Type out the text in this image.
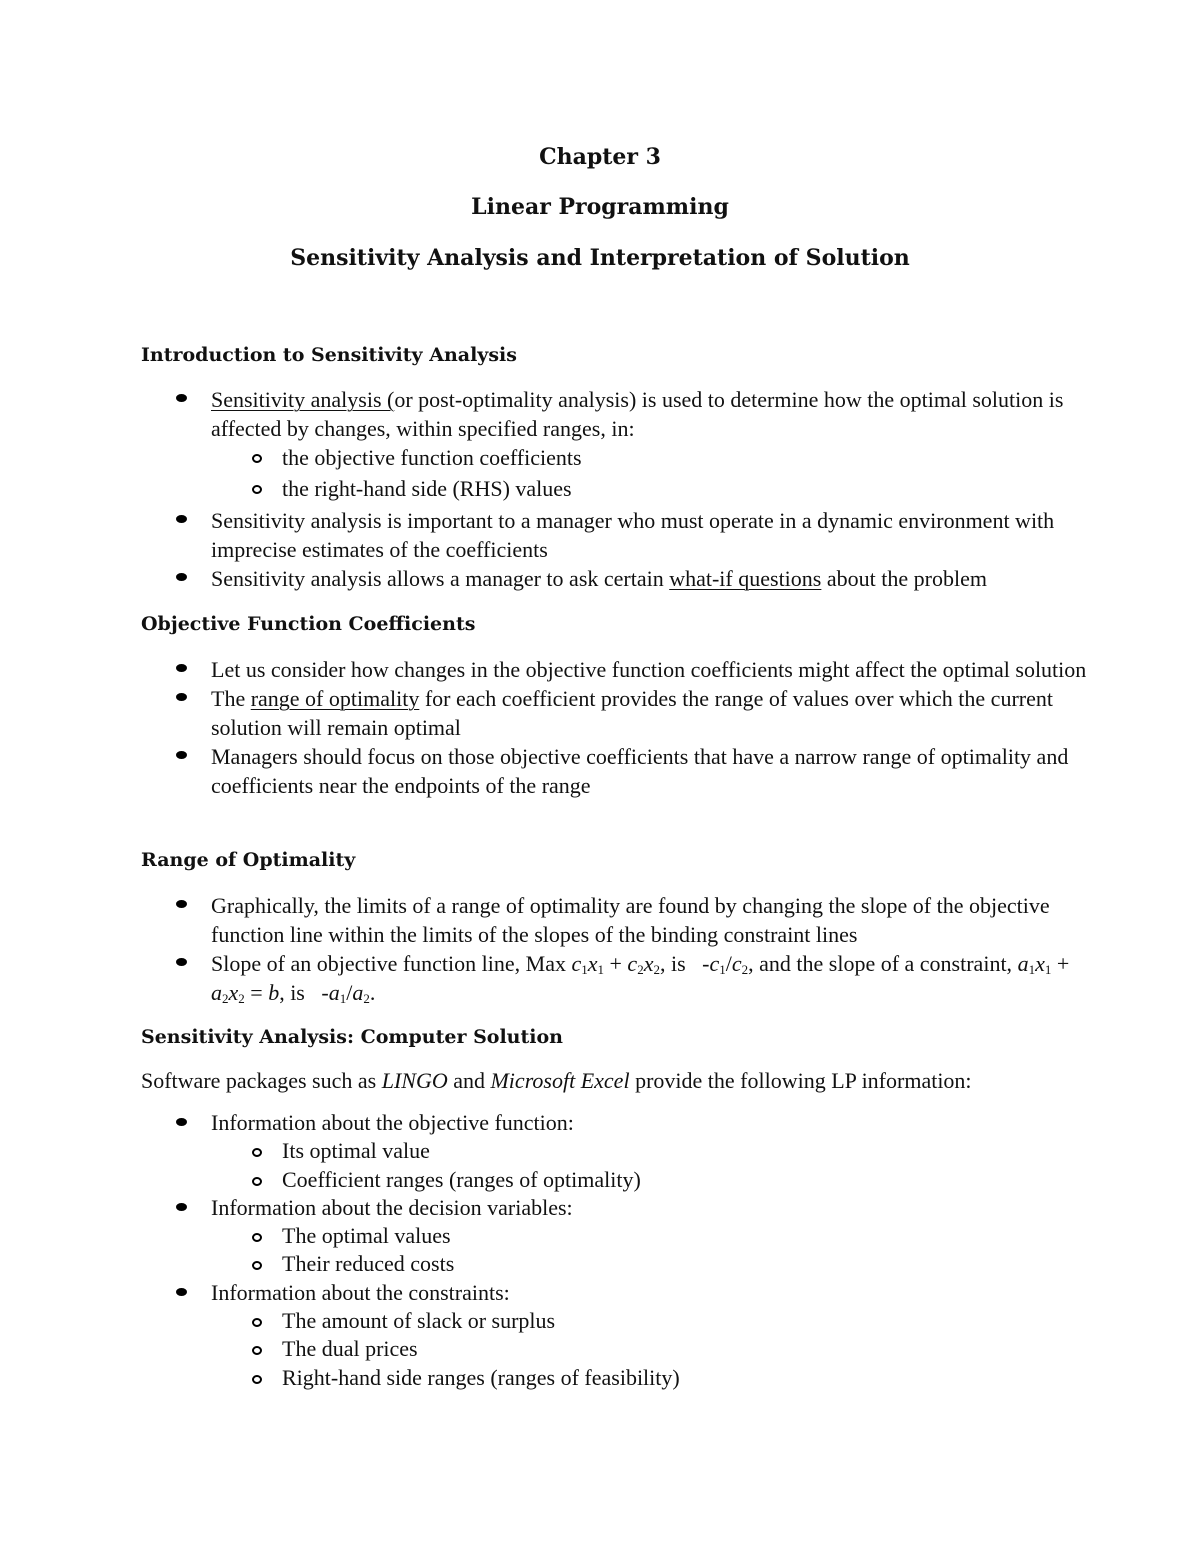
Chapter 3
Linear Programming
Sensitivity Analysis and Interpretation of Solution
Introduction to Sensitivity Analysis
Sensitivity analysis (or post-optimality analysis) is used to determine how the optimal solution is affected by changes, within specified ranges, in:
the objective function coefficients
the right-hand side (RHS) values
Sensitivity analysis is important to a manager who must operate in a dynamic environment with imprecise estimates of the coefficients
Sensitivity analysis allows a manager to ask certain what-if questions about the problem
Objective Function Coefficients
Let us consider how changes in the objective function coefficients might affect the optimal solution
The range of optimality for each coefficient provides the range of values over which the current solution will remain optimal
Managers should focus on those objective coefficients that have a narrow range of optimality and coefficients near the endpoints of the range
Range of Optimality
Graphically, the limits of a range of optimality are found by changing the slope of the objective function line within the limits of the slopes of the binding constraint lines
Slope of an objective function line, Max $c_1x_1 + c_2x_2$, is   $-c_1/c_2$, and the slope of a constraint, $a_1x_1 + a_2x_2 = b$, is   $-a_1/a_2$.
Sensitivity Analysis: Computer Solution
Software packages such as LINGO and Microsoft Excel provide the following LP information:
Information about the objective function:
Its optimal value
Coefficient ranges (ranges of optimality)
Information about the decision variables:
The optimal values
Their reduced costs
Information about the constraints:
The amount of slack or surplus
The dual prices
Right-hand side ranges (ranges of feasibility)
